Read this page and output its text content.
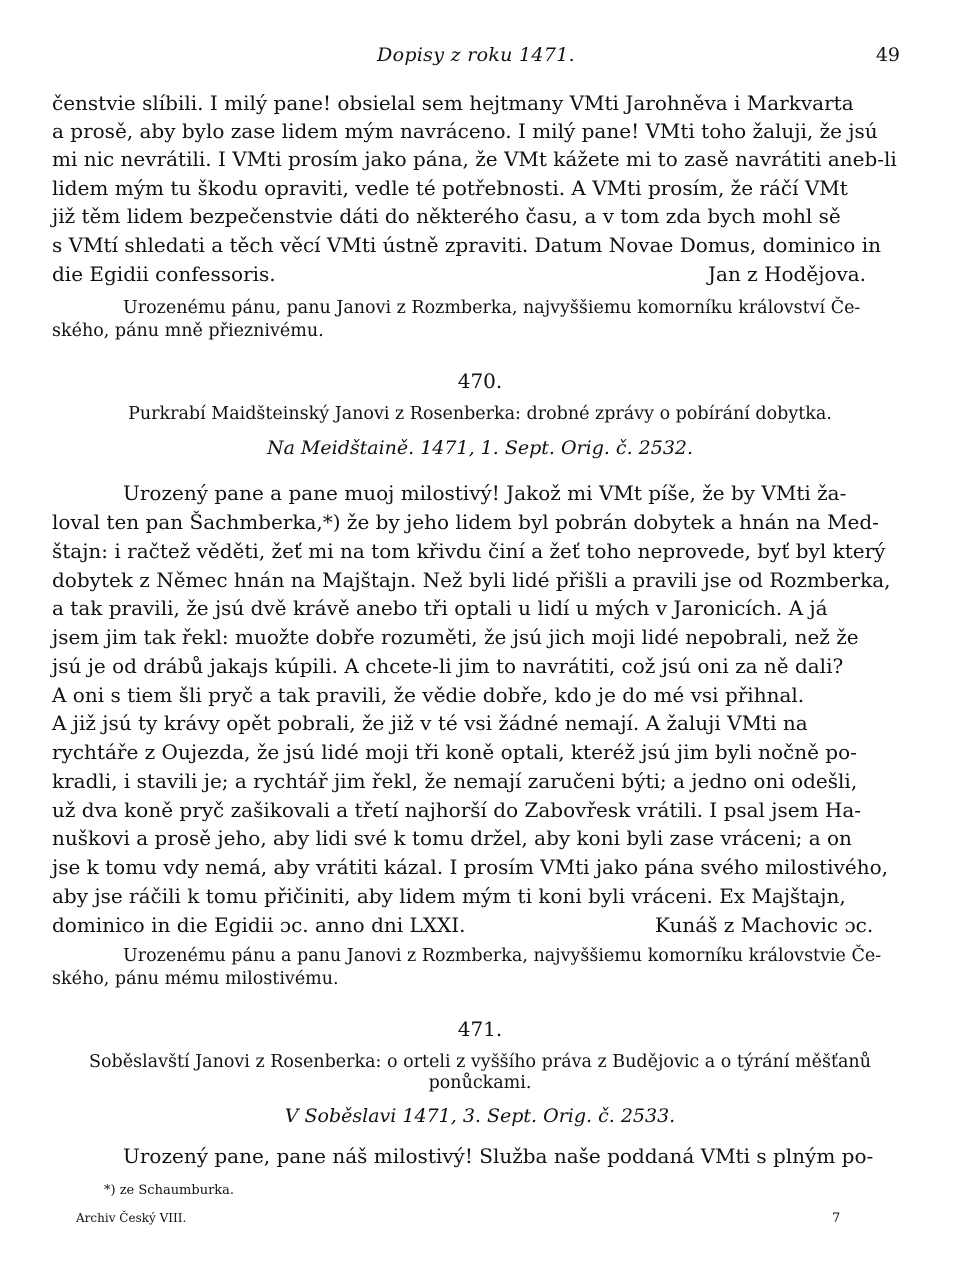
Dopisy z roku 1471.	49

čenstvie slíbili. I milý pane! obsielal sem hejtmany VMti Jarohněva i Markvarta

a prosě, aby bylo zase lidem mým navráceno. I milý pane! VMti toho žaluji, že jsú

mi nic nevrátili. I VMti prosím jako pána, že VMt kážete mi to zasě navrátiti aneb-li

lidem mým tu škodu opraviti, vedle té potřebnosti. A VMti prosím, že ráčí VMt

již těm lidem bezpečenstvie dáti do některého času, a v tom zda bych mohl sě

s VMtí shledati a těch věcí VMti ústně zpraviti. Datum Novae Domus, dominico in

die Egidii confessoris.	Jan z Hodějova.

Urozenému pánu, panu Janovi z Rozmberka, najvyššiemu komorníku království Če-

ského, pánu mně přieznivému.

470.

Purkrabí Maidšteinský Janovi z Rosenberka: drobné zprávy o pobírání dobytka.

Na Meidštaině. 1471, 1. Sept. Orig. č. 2532.

Urozený pane a pane muoj milostivý! Jakož mi VMt píše, že by VMti ža-

loval ten pan Šachmberka,*) že by jeho lidem byl pobrán dobytek a hnán na Med-

štajn: i račtež věděti, žeť mi na tom křivdu činí a žeť toho neprovede, byť byl který

dobytek z Němec hnán na Majštajn. Než byli lidé přišli a pravili jse od Rozmberka,

a tak pravili, že jsú dvě krávě anebo tři optali u lidí u mých v Jaronicích. A já

jsem jim tak řekl: muožte dobře rozuměti, že jsú jich moji lidé nepobrali, než že

jsú je od drábů jakajs kúpili. A chcete-li jim to navrátiti, což jsú oni za ně dali?

A oni s tiem šli pryč a tak pravili, že vědie dobře, kdo je do mé vsi přihnal.

A již jsú ty krávy opět pobrali, že již v té vsi žádné nemají. A žaluji VMti na

rychtáře z Oujezda, že jsú lidé moji tři koně optali, kteréž jsú jim byli nočně po-

kradli, i stavili je; a rychtář jim řekl, že nemají zaručeni býti; a jedno oni odešli,

už dva koně pryč zašikovali a třetí najhorší do Zabovřesk vrátili. I psal jsem Ha-

nuškovi a prosě jeho, aby lidi své k tomu držel, aby koni byli zase vráceni; a on

jse k tomu vdy nemá, aby vrátiti kázal. I prosím VMti jako pána svého milostivého,

aby jse ráčili k tomu přičiniti, aby lidem mým ti koni byli vráceni. Ex Majštajn,

dominico in die Egidii ɔc. anno dni LXXI.	Kunáš z Machovic ɔc.

Urozenému pánu a panu Janovi z Rozmberka, najvyššiemu komorníku královstvie Če-

ského, pánu mému milostivému.

471.

Soběslavští Janovi z Rosenberka: o orteli z vyššího práva z Budějovic a o týrání měšťanů

ponůckami.

V Soběslavi 1471, 3. Sept. Orig. č. 2533.

Urozený pane, pane náš milostivý! Služba naše poddaná VMti s plným po-

*) ze Schaumburka.

Archiv Český VIII.	7
